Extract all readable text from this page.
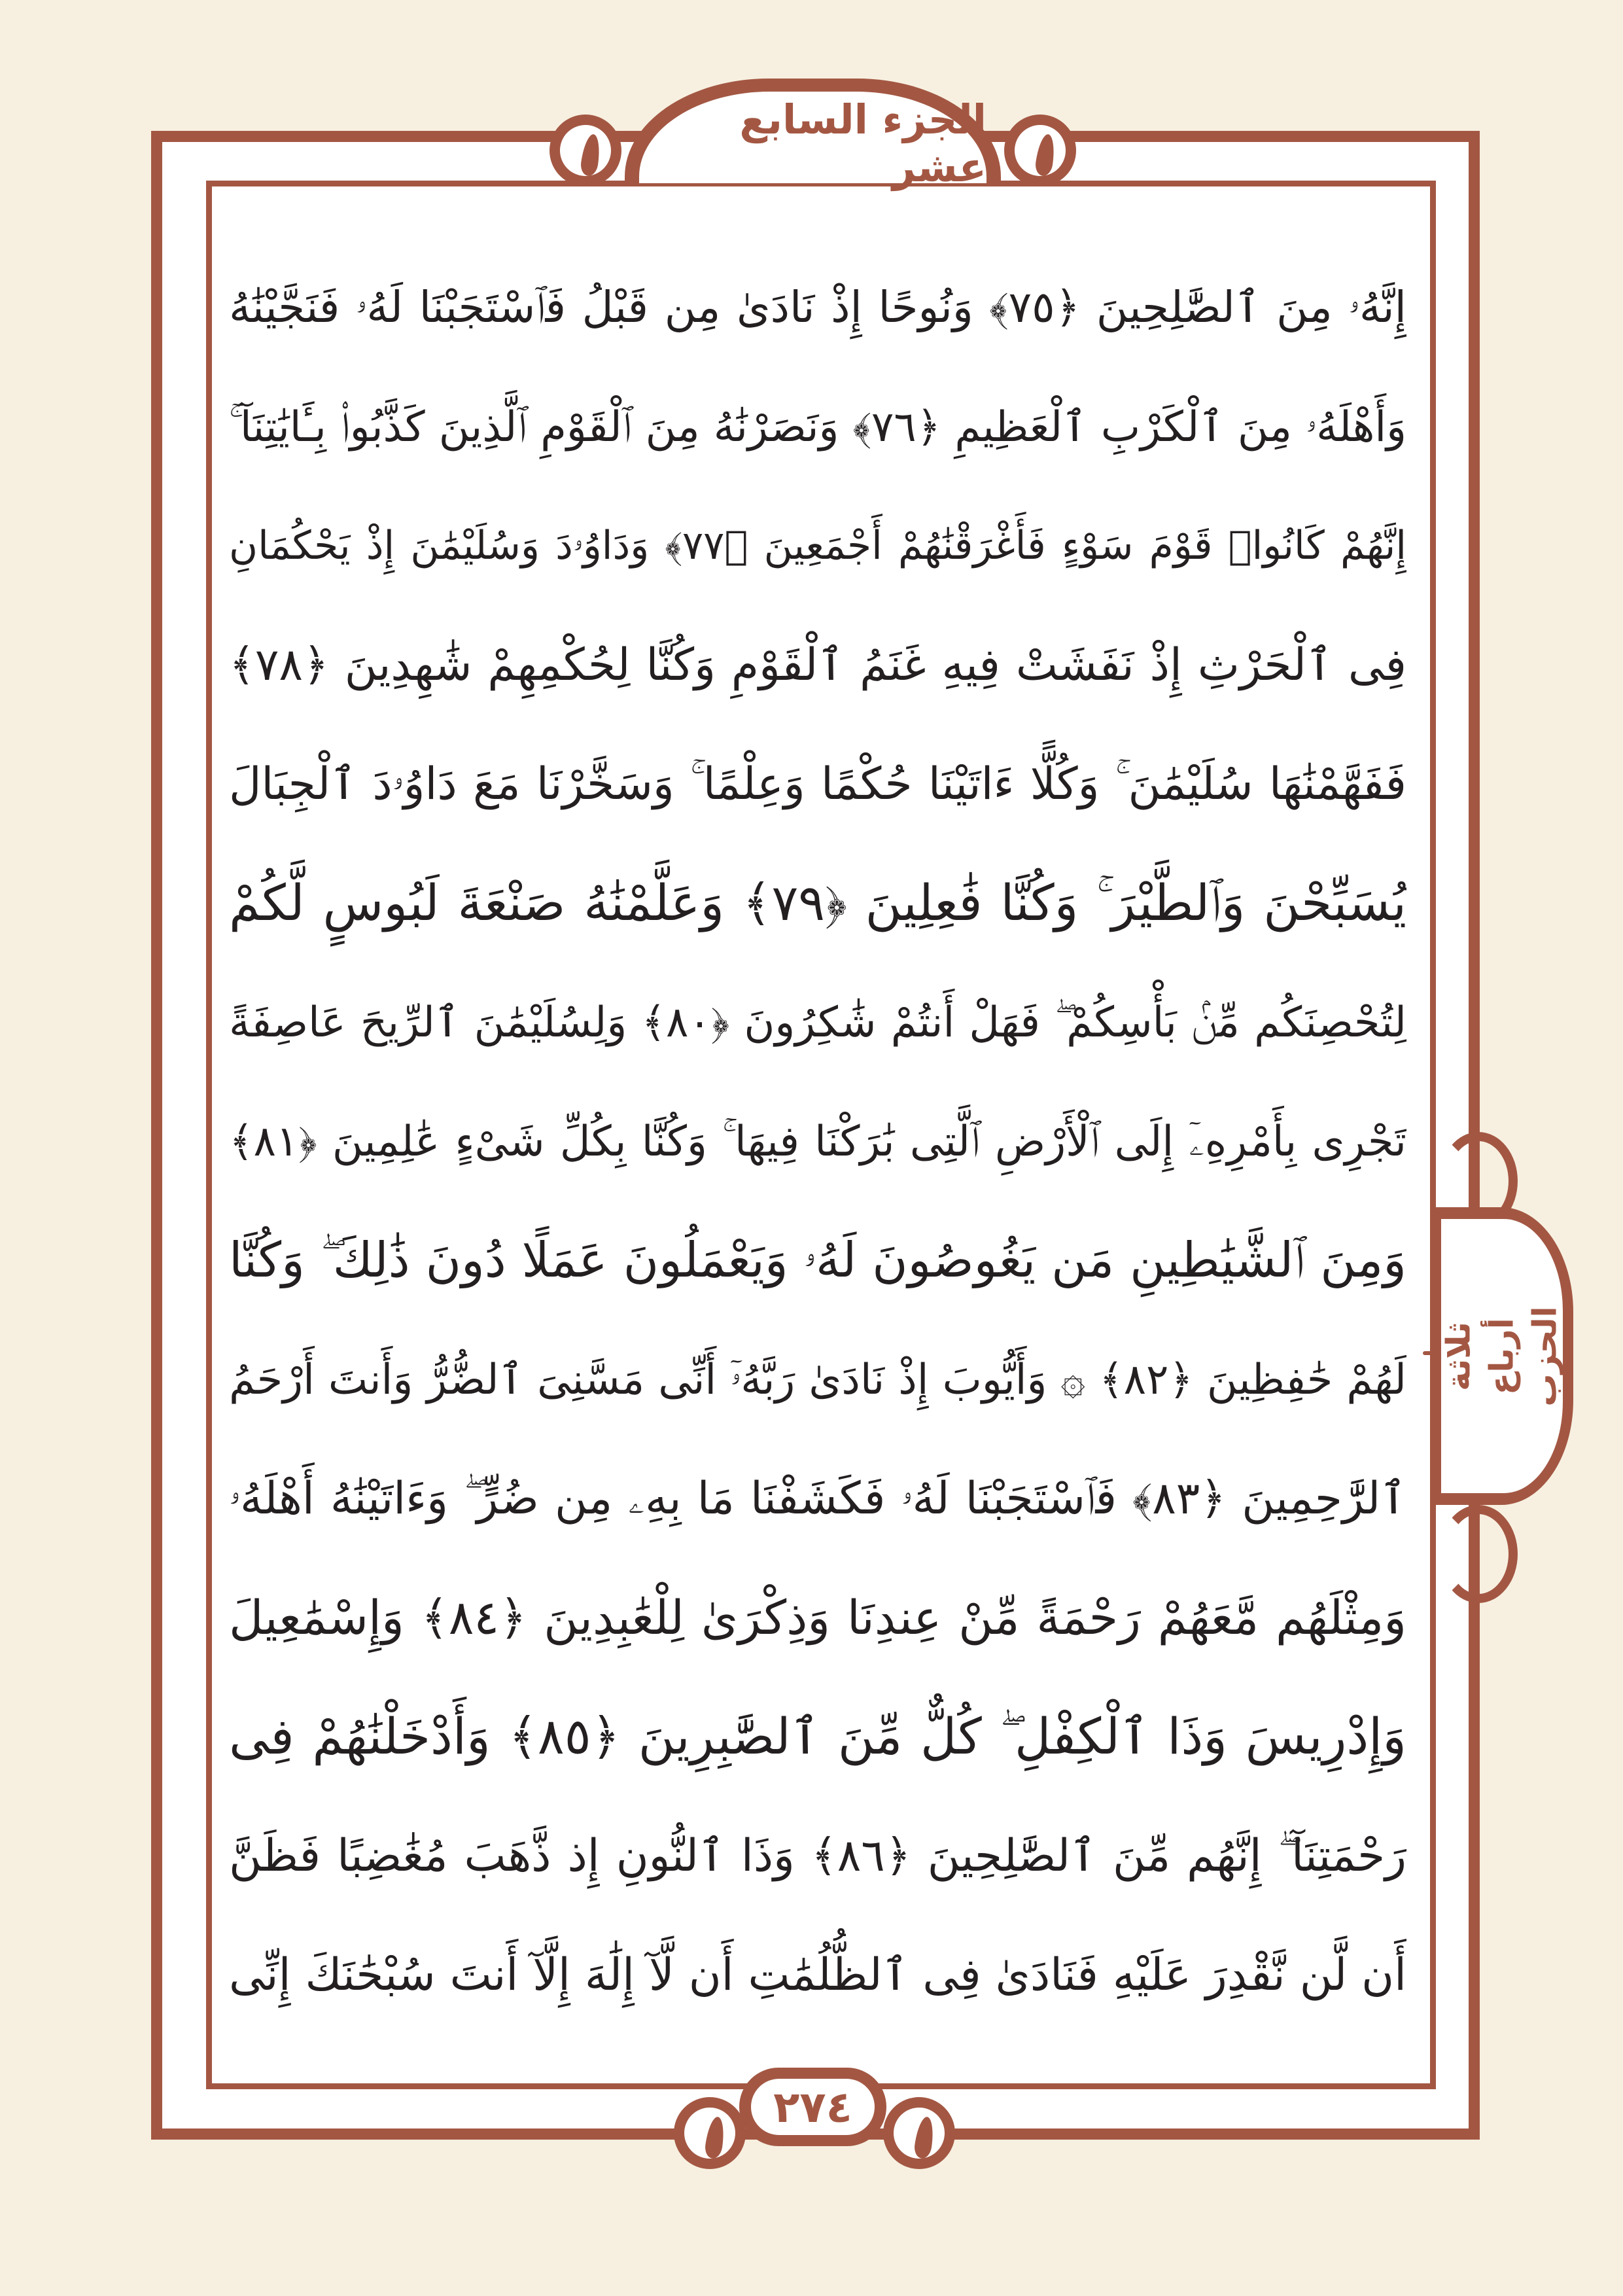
الجزء السابع عشر
ثلاثة أرباع الحزب
إِنَّهُۥ مِنَ ٱلصَّٰلِحِينَ ﴿٧٥﴾ وَنُوحًا إِذْ نَادَىٰ مِن قَبْلُ فَٱسْتَجَبْنَا لَهُۥ فَنَجَّيْنَٰهُ
وَأَهْلَهُۥ مِنَ ٱلْكَرْبِ ٱلْعَظِيمِ ﴿٧٦﴾ وَنَصَرْنَٰهُ مِنَ ٱلْقَوْمِ ٱلَّذِينَ كَذَّبُوا۟ بِـَٔايَٰتِنَآ ۚ
إِنَّهُمْ كَانُوا۟ قَوْمَ سَوْءٍ فَأَغْرَقْنَٰهُمْ أَجْمَعِينَ ﴿٧٧﴾ وَدَاوُۥدَ وَسُلَيْمَٰنَ إِذْ يَحْكُمَانِ
فِى ٱلْحَرْثِ إِذْ نَفَشَتْ فِيهِ غَنَمُ ٱلْقَوْمِ وَكُنَّا لِحُكْمِهِمْ شَٰهِدِينَ ﴿٧٨﴾
فَفَهَّمْنَٰهَا سُلَيْمَٰنَ ۚ وَكُلًّا ءَاتَيْنَا حُكْمًا وَعِلْمًا ۚ وَسَخَّرْنَا مَعَ دَاوُۥدَ ٱلْجِبَالَ
يُسَبِّحْنَ وَٱلطَّيْرَ ۚ وَكُنَّا فَٰعِلِينَ ﴿٧٩﴾ وَعَلَّمْنَٰهُ صَنْعَةَ لَبُوسٍ لَّكُمْ
لِتُحْصِنَكُم مِّنۢ بَأْسِكُمْ ۖ فَهَلْ أَنتُمْ شَٰكِرُونَ ﴿٨٠﴾ وَلِسُلَيْمَٰنَ ٱلرِّيحَ عَاصِفَةً
تَجْرِى بِأَمْرِهِۦٓ إِلَى ٱلْأَرْضِ ٱلَّتِى بَٰرَكْنَا فِيهَا ۚ وَكُنَّا بِكُلِّ شَىْءٍ عَٰلِمِينَ ﴿٨١﴾
وَمِنَ ٱلشَّيَٰطِينِ مَن يَغُوصُونَ لَهُۥ وَيَعْمَلُونَ عَمَلًا دُونَ ذَٰلِكَ ۖ وَكُنَّا
لَهُمْ حَٰفِظِينَ ﴿٨٢﴾ ۞ وَأَيُّوبَ إِذْ نَادَىٰ رَبَّهُۥٓ أَنِّى مَسَّنِىَ ٱلضُّرُّ وَأَنتَ أَرْحَمُ
ٱلرَّٰحِمِينَ ﴿٨٣﴾ فَٱسْتَجَبْنَا لَهُۥ فَكَشَفْنَا مَا بِهِۦ مِن ضُرٍّ ۖ وَءَاتَيْنَٰهُ أَهْلَهُۥ
وَمِثْلَهُم مَّعَهُمْ رَحْمَةً مِّنْ عِندِنَا وَذِكْرَىٰ لِلْعَٰبِدِينَ ﴿٨٤﴾ وَإِسْمَٰعِيلَ
وَإِدْرِيسَ وَذَا ٱلْكِفْلِ ۖ كُلٌّ مِّنَ ٱلصَّٰبِرِينَ ﴿٨٥﴾ وَأَدْخَلْنَٰهُمْ فِى
رَحْمَتِنَآ ۖ إِنَّهُم مِّنَ ٱلصَّٰلِحِينَ ﴿٨٦﴾ وَذَا ٱلنُّونِ إِذ ذَّهَبَ مُغَٰضِبًا فَظَنَّ
أَن لَّن نَّقْدِرَ عَلَيْهِ فَنَادَىٰ فِى ٱلظُّلُمَٰتِ أَن لَّآ إِلَٰهَ إِلَّآ أَنتَ سُبْحَٰنَكَ إِنِّى
٢٧٤
